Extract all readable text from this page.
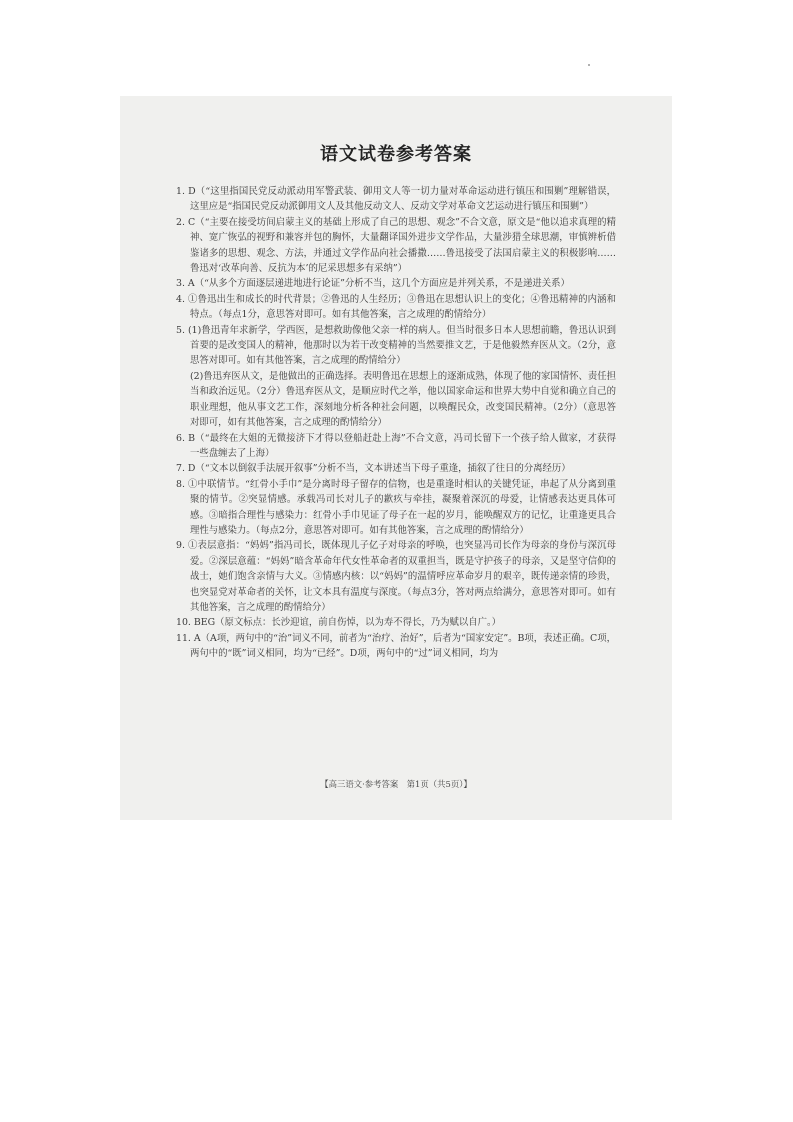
语文试卷参考答案

1. D（“这里指国民党反动派动用军警武装、御用文人等一切力量对革命运动进行镇压和围剿”理解错误，这里应是“指国民党反动派御用文人及其他反动文人、反动文学对革命文艺运动进行镇压和围剿”）

2. C（“主要在接受坊间启蒙主义的基础上形成了自己的思想、观念”不合文意，原文是“他以追求真理的精神、宽广恢弘的视野和兼容并包的胸怀，大量翻译国外进步文学作品，大量涉猎全球思潮，审慎辨析借鉴诸多的思想、观念、方法，并通过文学作品向社会播撒……鲁迅接受了法国启蒙主义的积极影响……鲁迅对‘改革向善、反抗为本’的尼采思想多有采纳”）

3. A（“从多个方面逐层递进地进行论证”分析不当，这几个方面应是并列关系，不是递进关系）

4. ①鲁迅出生和成长的时代背景；②鲁迅的人生经历；③鲁迅在思想认识上的变化；④鲁迅精神的内涵和特点。（每点1分，意思答对即可。如有其他答案，言之成理的酌情给分）

5. (1)鲁迅青年求新学，学西医，是想救助像他父亲一样的病人。但当时很多日本人思想前瞻，鲁迅认识到首要的是改变国人的精神，他那时以为若干改变精神的当然要推文艺，于是他毅然弃医从文。（2分，意思答对即可。如有其他答案，言之成理的酌情给分）

(2)鲁迅弃医从文，是他做出的正确选择。表明鲁迅在思想上的逐渐成熟，体现了他的家国情怀、责任担当和政治远见。（2分）鲁迅弃医从文，是顺应时代之举，他以国家命运和世界大势中自觉和确立自己的职业理想，他从事文艺工作，深刻地分析各种社会问题，以唤醒民众，改变国民精神。（2分）（意思答对即可，如有其他答案，言之成理的酌情给分）

6. B（“最终在大姐的无微接济下才得以登船赶赴上海”不合文意，冯司长留下一个孩子给人做家，才获得一些盘缠去了上海）

7. D（“文本以倒叙手法展开叙事”分析不当，文本讲述当下母子重逢，插叙了往日的分离经历）

8. ①中联情节。“红骨小手巾”是分离时母子留存的信物，也是重逢时相认的关键凭证，串起了从分离到重聚的情节。②突显情感。承载冯司长对儿子的歉疚与牵挂，凝聚着深沉的母爱，让情感表达更具体可感。③暗指合理性与感染力：红骨小手巾见证了母子在一起的岁月，能唤醒双方的记忆，让重逢更具合理性与感染力。（每点2分，意思答对即可。如有其他答案，言之成理的酌情给分）

9. ①表层意指：“妈妈”指冯司长，既体现儿子亿子对母亲的呼唤，也突显冯司长作为母亲的身份与深沉母爱。②深层意蕴：“妈妈”暗含革命年代女性革命者的双重担当，既是守护孩子的母亲，又是坚守信仰的战士，她们饱含亲情与大义。③情感内核：以“妈妈”的温情呼应革命岁月的艰辛，既传递亲情的珍贵，也突显党对革命者的关怀，让文本具有温度与深度。（每点3分，答对两点给满分，意思答对即可。如有其他答案，言之成理的酌情给分）

10. BEG（原文标点：长沙迎谊，前自伤悼，以为寿不得长，乃为赋以自广。）

11. A（A项，两句中的“治”词义不同，前者为“治疗、治好”，后者为“国家安定”。B项，表述正确。C项，两句中的“既”词义相同，均为“已经”。D项，两句中的“过”词义相同，均为

【高三语文·参考答案　第1页（共5页）】
